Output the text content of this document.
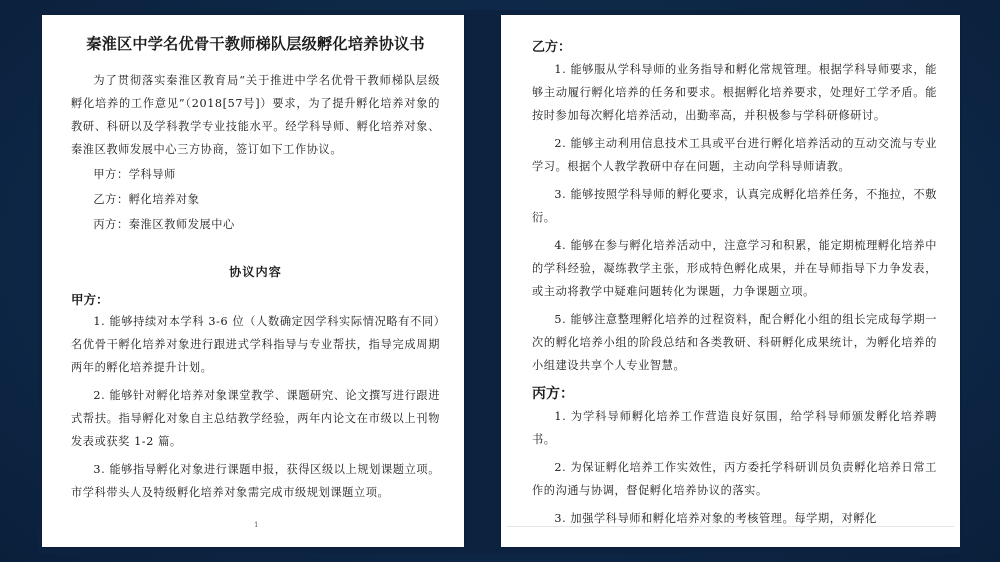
秦淮区中学名优骨干教师梯队层级孵化培养协议书

为了贯彻落实秦淮区教育局“关于推进中学名优骨干教师梯队层级孵化培养的工作意见”（2018[57号]）要求，为了提升孵化培养对象的教研、科研以及学科教学专业技能水平。经学科导师、孵化培养对象、秦淮区教师发展中心三方协商，签订如下工作协议。

甲方：学科导师

乙方：孵化培养对象

丙方：秦淮区教师发展中心

协议内容
甲方：

1. 能够持续对本学科 3-6 位（人数确定因学科实际情况略有不同）名优骨干孵化培养对象进行跟进式学科指导与专业帮扶，指导完成周期两年的孵化培养提升计划。

2. 能够针对孵化培养对象课堂教学、课题研究、论文撰写进行跟进式帮扶。指导孵化对象自主总结教学经验，两年内论文在市级以上刊物发表或获奖 1-2 篇。

3. 能够指导孵化对象进行课题申报，获得区级以上规划课题立项。市学科带头人及特级孵化培养对象需完成市级规划课题立项。

1
乙方：

1. 能够服从学科导师的业务指导和孵化常规管理。根据学科导师要求，能够主动履行孵化培养的任务和要求。根据孵化培养要求，处理好工学矛盾。能按时参加每次孵化培养活动，出勤率高，并积极参与学科研修研讨。

2. 能够主动利用信息技术工具或平台进行孵化培养活动的互动交流与专业学习。根据个人教学教研中存在问题，主动向学科导师请教。

3. 能够按照学科导师的孵化要求，认真完成孵化培养任务，不拖拉，不敷衍。

4. 能够在参与孵化培养活动中，注意学习和积累，能定期梳理孵化培养中的学科经验，凝练教学主张，形成特色孵化成果，并在导师指导下力争发表，或主动将教学中疑难问题转化为课题，力争课题立项。

5. 能够注意整理孵化培养的过程资料，配合孵化小组的组长完成每学期一次的孵化培养小组的阶段总结和各类教研、科研孵化成果统计，为孵化培养的小组建设共享个人专业智慧。

丙方：

1. 为学科导师孵化培养工作营造良好氛围，给学科导师颁发孵化培养聘书。

2. 为保证孵化培养工作实效性，丙方委托学科研训员负责孵化培养日常工作的沟通与协调，督促孵化培养协议的落实。

3. 加强学科导师和孵化培养对象的考核管理。每学期，对孵化
